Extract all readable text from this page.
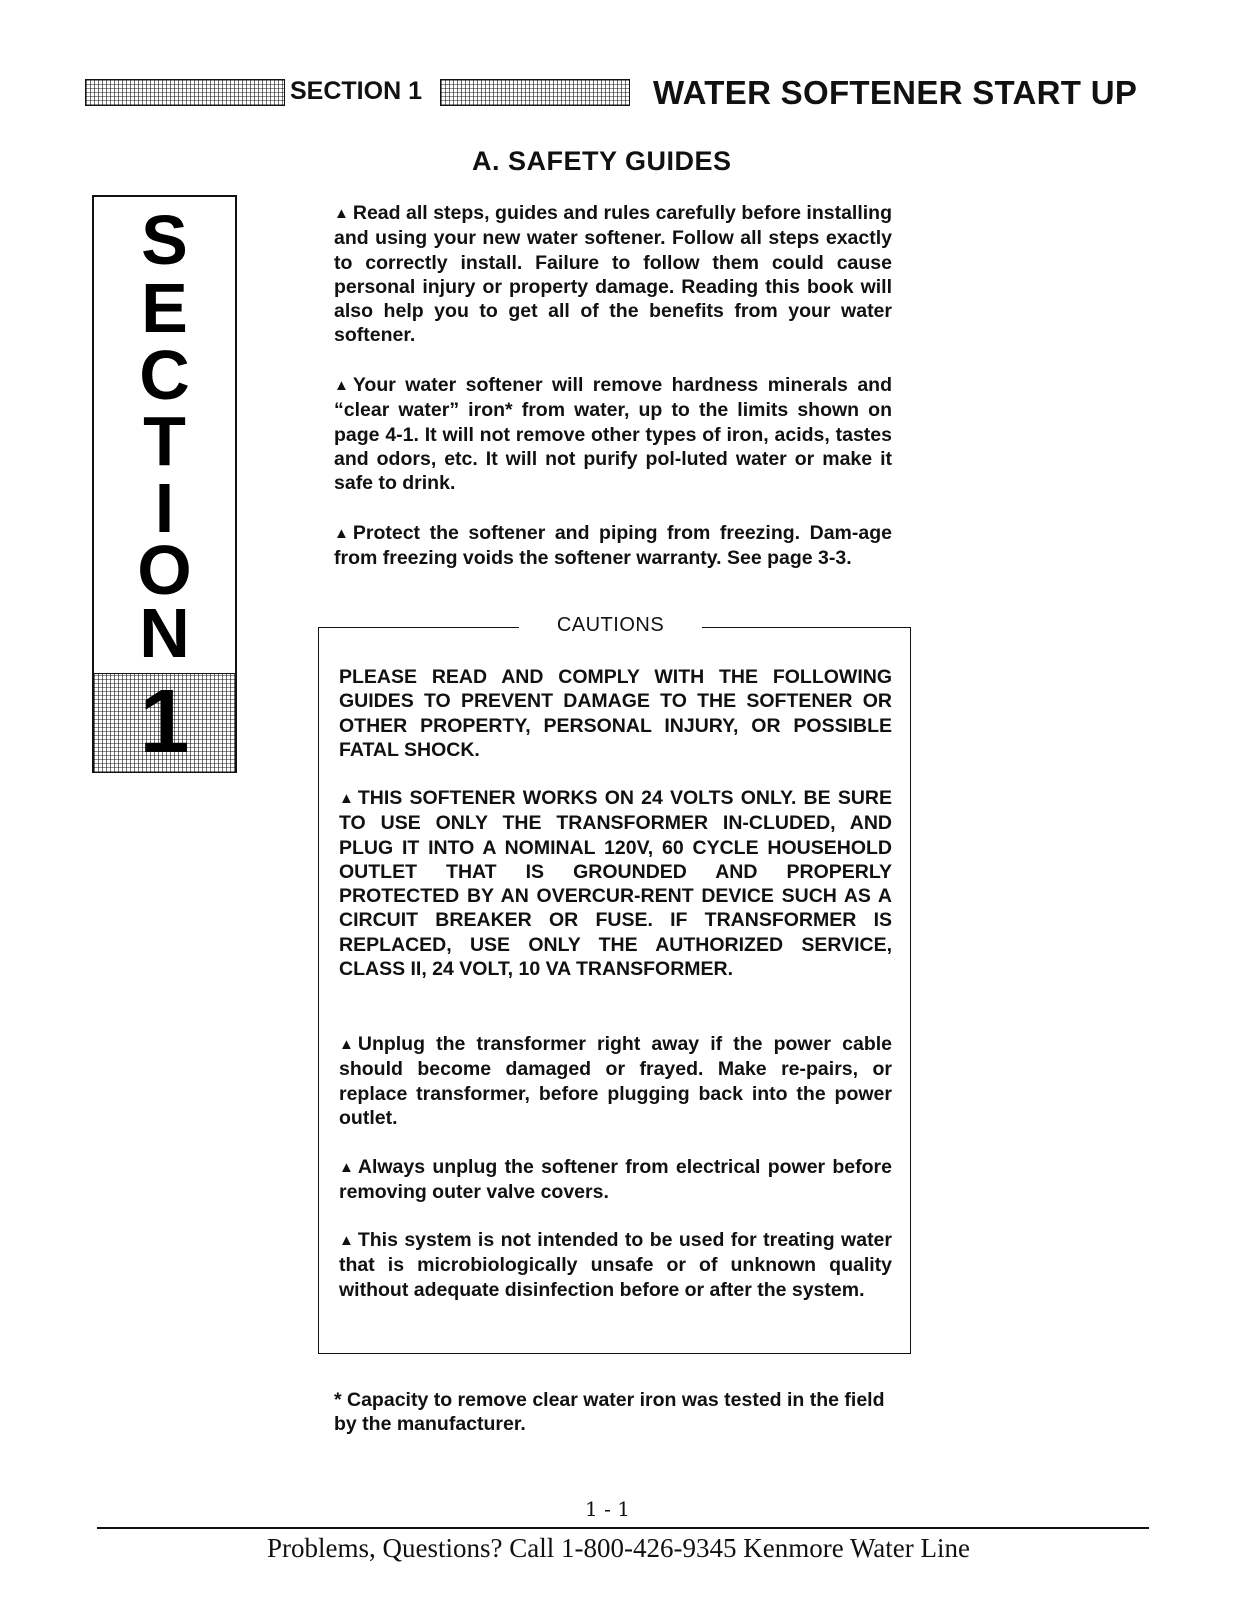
SECTION 1	WATER SOFTENER START UP
S
E
C
T
I
O
N
1
A. SAFETY GUIDES

▲ Read all steps, guides and rules carefully before installing and using your new water softener. Follow all steps exactly to correctly install. Failure to follow them could cause personal injury or property damage. Reading this book will also help you to get all of the benefits from your water softener.

▲ Your water softener will remove hardness minerals and “clear water” iron* from water, up to the limits shown on page 4-1. It will not remove other types of iron, acids, tastes and odors, etc. It will not purify pol-luted water or make it safe to drink.

▲ Protect the softener and piping from freezing. Dam-age from freezing voids the softener warranty. See page 3-3.

CAUTIONS

PLEASE READ AND COMPLY WITH THE FOLLOWING GUIDES TO PREVENT DAMAGE TO THE SOFTENER OR OTHER PROPERTY, PERSONAL INJURY, OR POSSIBLE FATAL SHOCK.

▲ THIS SOFTENER WORKS ON 24 VOLTS ONLY. BE SURE TO USE ONLY THE TRANSFORMER IN-CLUDED, AND PLUG IT INTO A NOMINAL 120V, 60 CYCLE HOUSEHOLD OUTLET THAT IS GROUNDED AND PROPERLY PROTECTED BY AN OVERCUR-RENT DEVICE SUCH AS A CIRCUIT BREAKER OR FUSE. IF TRANSFORMER IS REPLACED, USE ONLY THE AUTHORIZED SERVICE, CLASS II, 24 VOLT, 10 VA TRANSFORMER.

▲ Unplug the transformer right away if the power cable should become damaged or frayed. Make re-pairs, or replace transformer, before plugging back into the power outlet.

▲ Always unplug the softener from electrical power before removing outer valve covers.

▲ This system is not intended to be used for treating water that is microbiologically unsafe or of unknown quality without adequate disinfection before or after the system.

* Capacity to remove clear water iron was tested in the field by the manufacturer.

1 - 1
Problems, Questions? Call 1-800-426-9345 Kenmore Water Line
